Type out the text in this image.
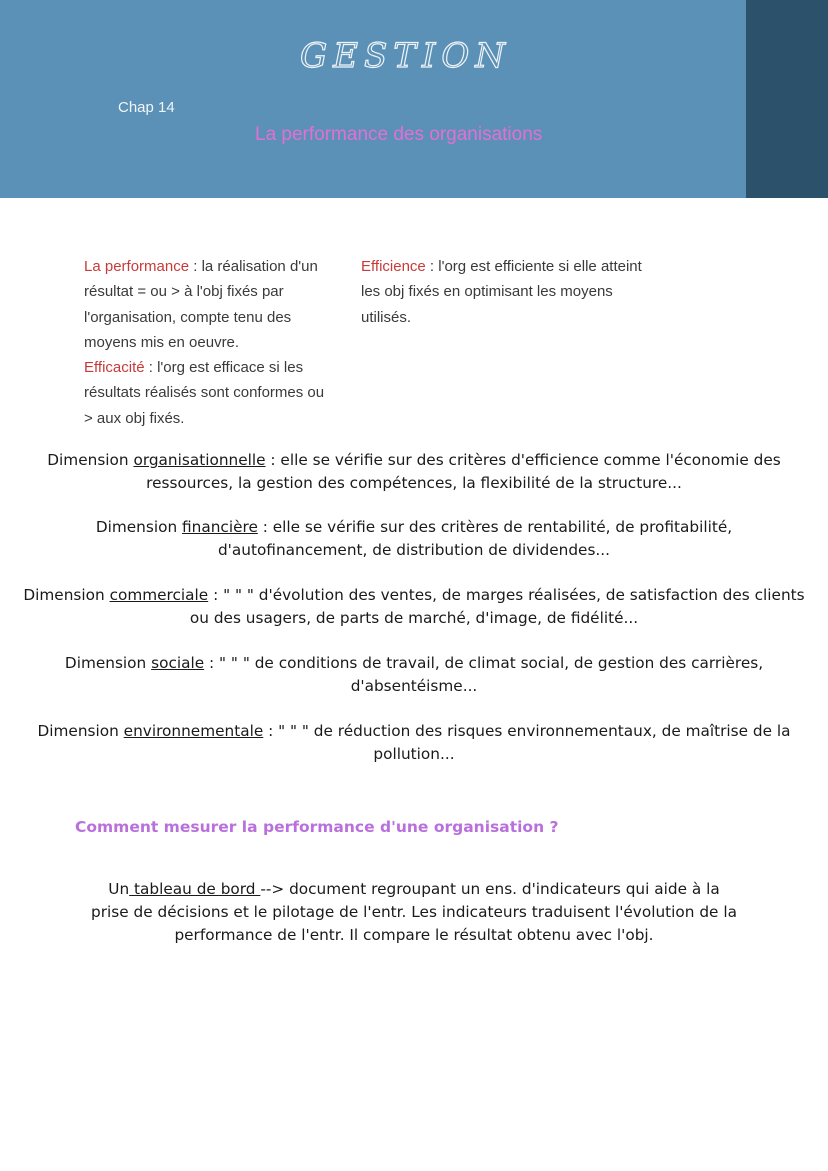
GESTION
Chap 14
La performance des organisations
La performance : la réalisation d'un résultat = ou > à l'obj fixés par l'organisation, compte tenu des moyens mis en oeuvre.
Efficacité : l'org est efficace si les résultats réalisés sont conformes ou > aux obj fixés.
Efficience : l'org est efficiente si elle atteint les obj fixés en optimisant les moyens utilisés.
Dimension organisationnelle : elle se vérifie sur des critères d'efficience comme l'économie des
ressources, la gestion des compétences, la flexibilité de la structure...
Dimension financière : elle se vérifie sur des critères de rentabilité, de profitabilité,
d'autofinancement, de distribution de dividendes...
Dimension commerciale : " " " d'évolution des ventes, de marges réalisées, de satisfaction des clients
ou des usagers, de parts de marché, d'image, de fidélité...
Dimension sociale : " " " de conditions de travail, de climat social, de gestion des carrières,
d'absentéisme...
Dimension environnementale : " " " de réduction des risques environnementaux, de maîtrise de la
pollution...
Comment mesurer la performance d'une organisation ?
Un tableau de bord --> document regroupant un ens. d'indicateurs qui aide à la
prise de décisions et le pilotage de l'entr. Les indicateurs traduisent l'évolution de la
performance de l'entr. Il compare le résultat obtenu avec l'obj.
